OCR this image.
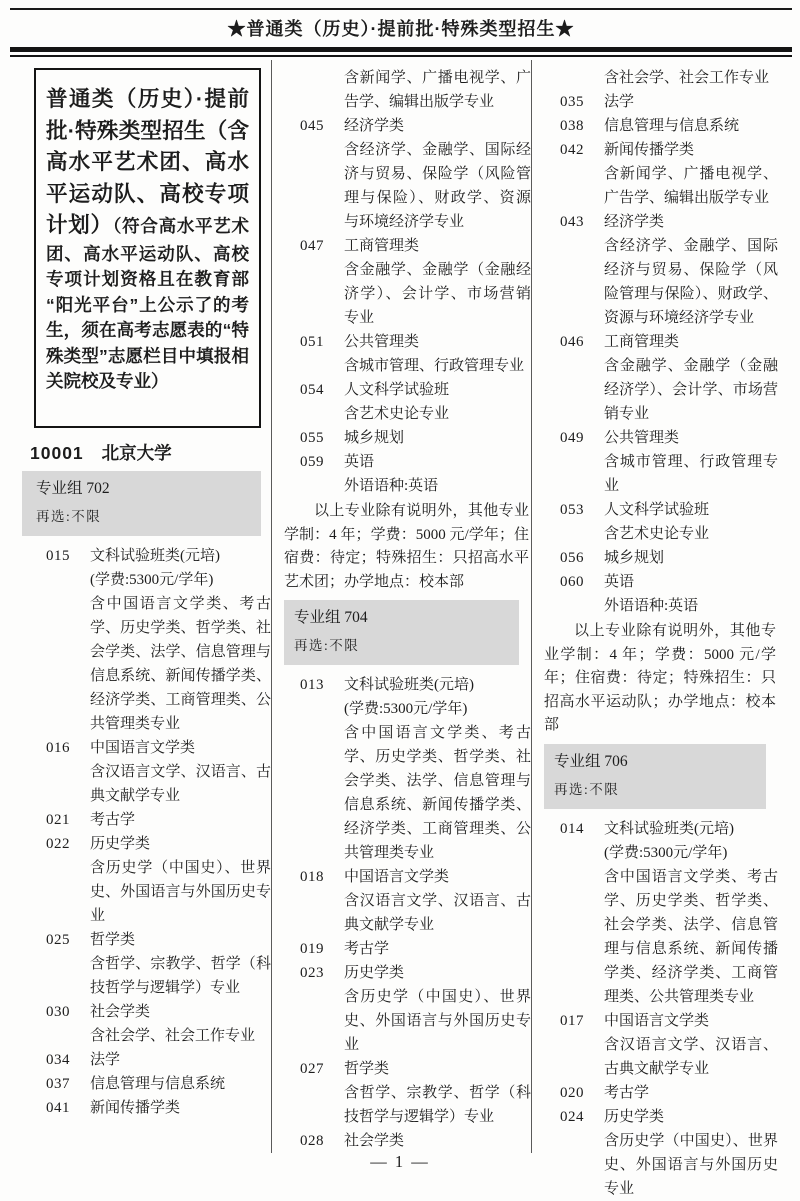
★普通类（历史）·提前批·特殊类型招生★
普通类（历史）·提前批·特殊类型招生（含高水平艺术团、高水平运动队、高校专项计划）（符合高水平艺术团、高水平运动队、高校专项计划资格且在教育部“阳光平台”上公示了的考生，须在高考志愿表的“特殊类型”志愿栏目中填报相关院校及专业）
10001 北京大学
专业组 702
再选:不限
015	文科试验班类(元培)
(学费:5300元/学年)
含中国语言文学类、考古学、历史学类、哲学类、社会学类、法学、信息管理与信息系统、新闻传播学类、经济学类、工商管理类、公共管理类专业
016	中国语言文学类
含汉语言文学、汉语言、古典文献学专业
021	考古学
022	历史学类
含历史学（中国史）、世界史、外国语言与外国历史专业
025	哲学类
含哲学、宗教学、哲学（科技哲学与逻辑学）专业
030	社会学类
含社会学、社会工作专业
034	法学
037	信息管理与信息系统
041	新闻传播学类
含新闻学、广播电视学、广告学、编辑出版学专业
045	经济学类
含经济学、金融学、国际经济与贸易、保险学（风险管理与保险）、财政学、资源与环境经济学专业
047	工商管理类
含金融学、金融学（金融经济学）、会计学、市场营销专业
051	公共管理类
含城市管理、行政管理专业
054	人文科学试验班
含艺术史论专业
055	城乡规划
059	英语
外语语种:英语
以上专业除有说明外，其他专业学制：4 年；学费：5000 元/学年；住宿费：待定；特殊招生：只招高水平艺术团；办学地点：校本部
专业组 704
再选:不限
013	文科试验班类(元培)
(学费:5300元/学年)
含中国语言文学类、考古学、历史学类、哲学类、社会学类、法学、信息管理与信息系统、新闻传播学类、经济学类、工商管理类、公共管理类专业
018	中国语言文学类
含汉语言文学、汉语言、古典文献学专业
019	考古学
023	历史学类
含历史学（中国史）、世界史、外国语言与外国历史专业
027	哲学类
含哲学、宗教学、哲学（科技哲学与逻辑学）专业
028	社会学类
含社会学、社会工作专业
035	法学
038	信息管理与信息系统
042	新闻传播学类
含新闻学、广播电视学、广告学、编辑出版学专业
043	经济学类
含经济学、金融学、国际经济与贸易、保险学（风险管理与保险）、财政学、资源与环境经济学专业
046	工商管理类
含金融学、金融学（金融经济学）、会计学、市场营销专业
049	公共管理类
含城市管理、行政管理专业
053	人文科学试验班
含艺术史论专业
056	城乡规划
060	英语
外语语种:英语
以上专业除有说明外，其他专业学制：4 年；学费：5000 元/学年；住宿费：待定；特殊招生：只招高水平运动队；办学地点：校本部
专业组 706
再选:不限
014	文科试验班类(元培)
(学费:5300元/学年)
含中国语言文学类、考古学、历史学类、哲学类、社会学类、法学、信息管理与信息系统、新闻传播学类、经济学类、工商管理类、公共管理类专业
017	中国语言文学类
含汉语言文学、汉语言、古典文献学专业
020	考古学
024	历史学类
含历史学（中国史）、世界史、外国语言与外国历史专业
— 1 —
